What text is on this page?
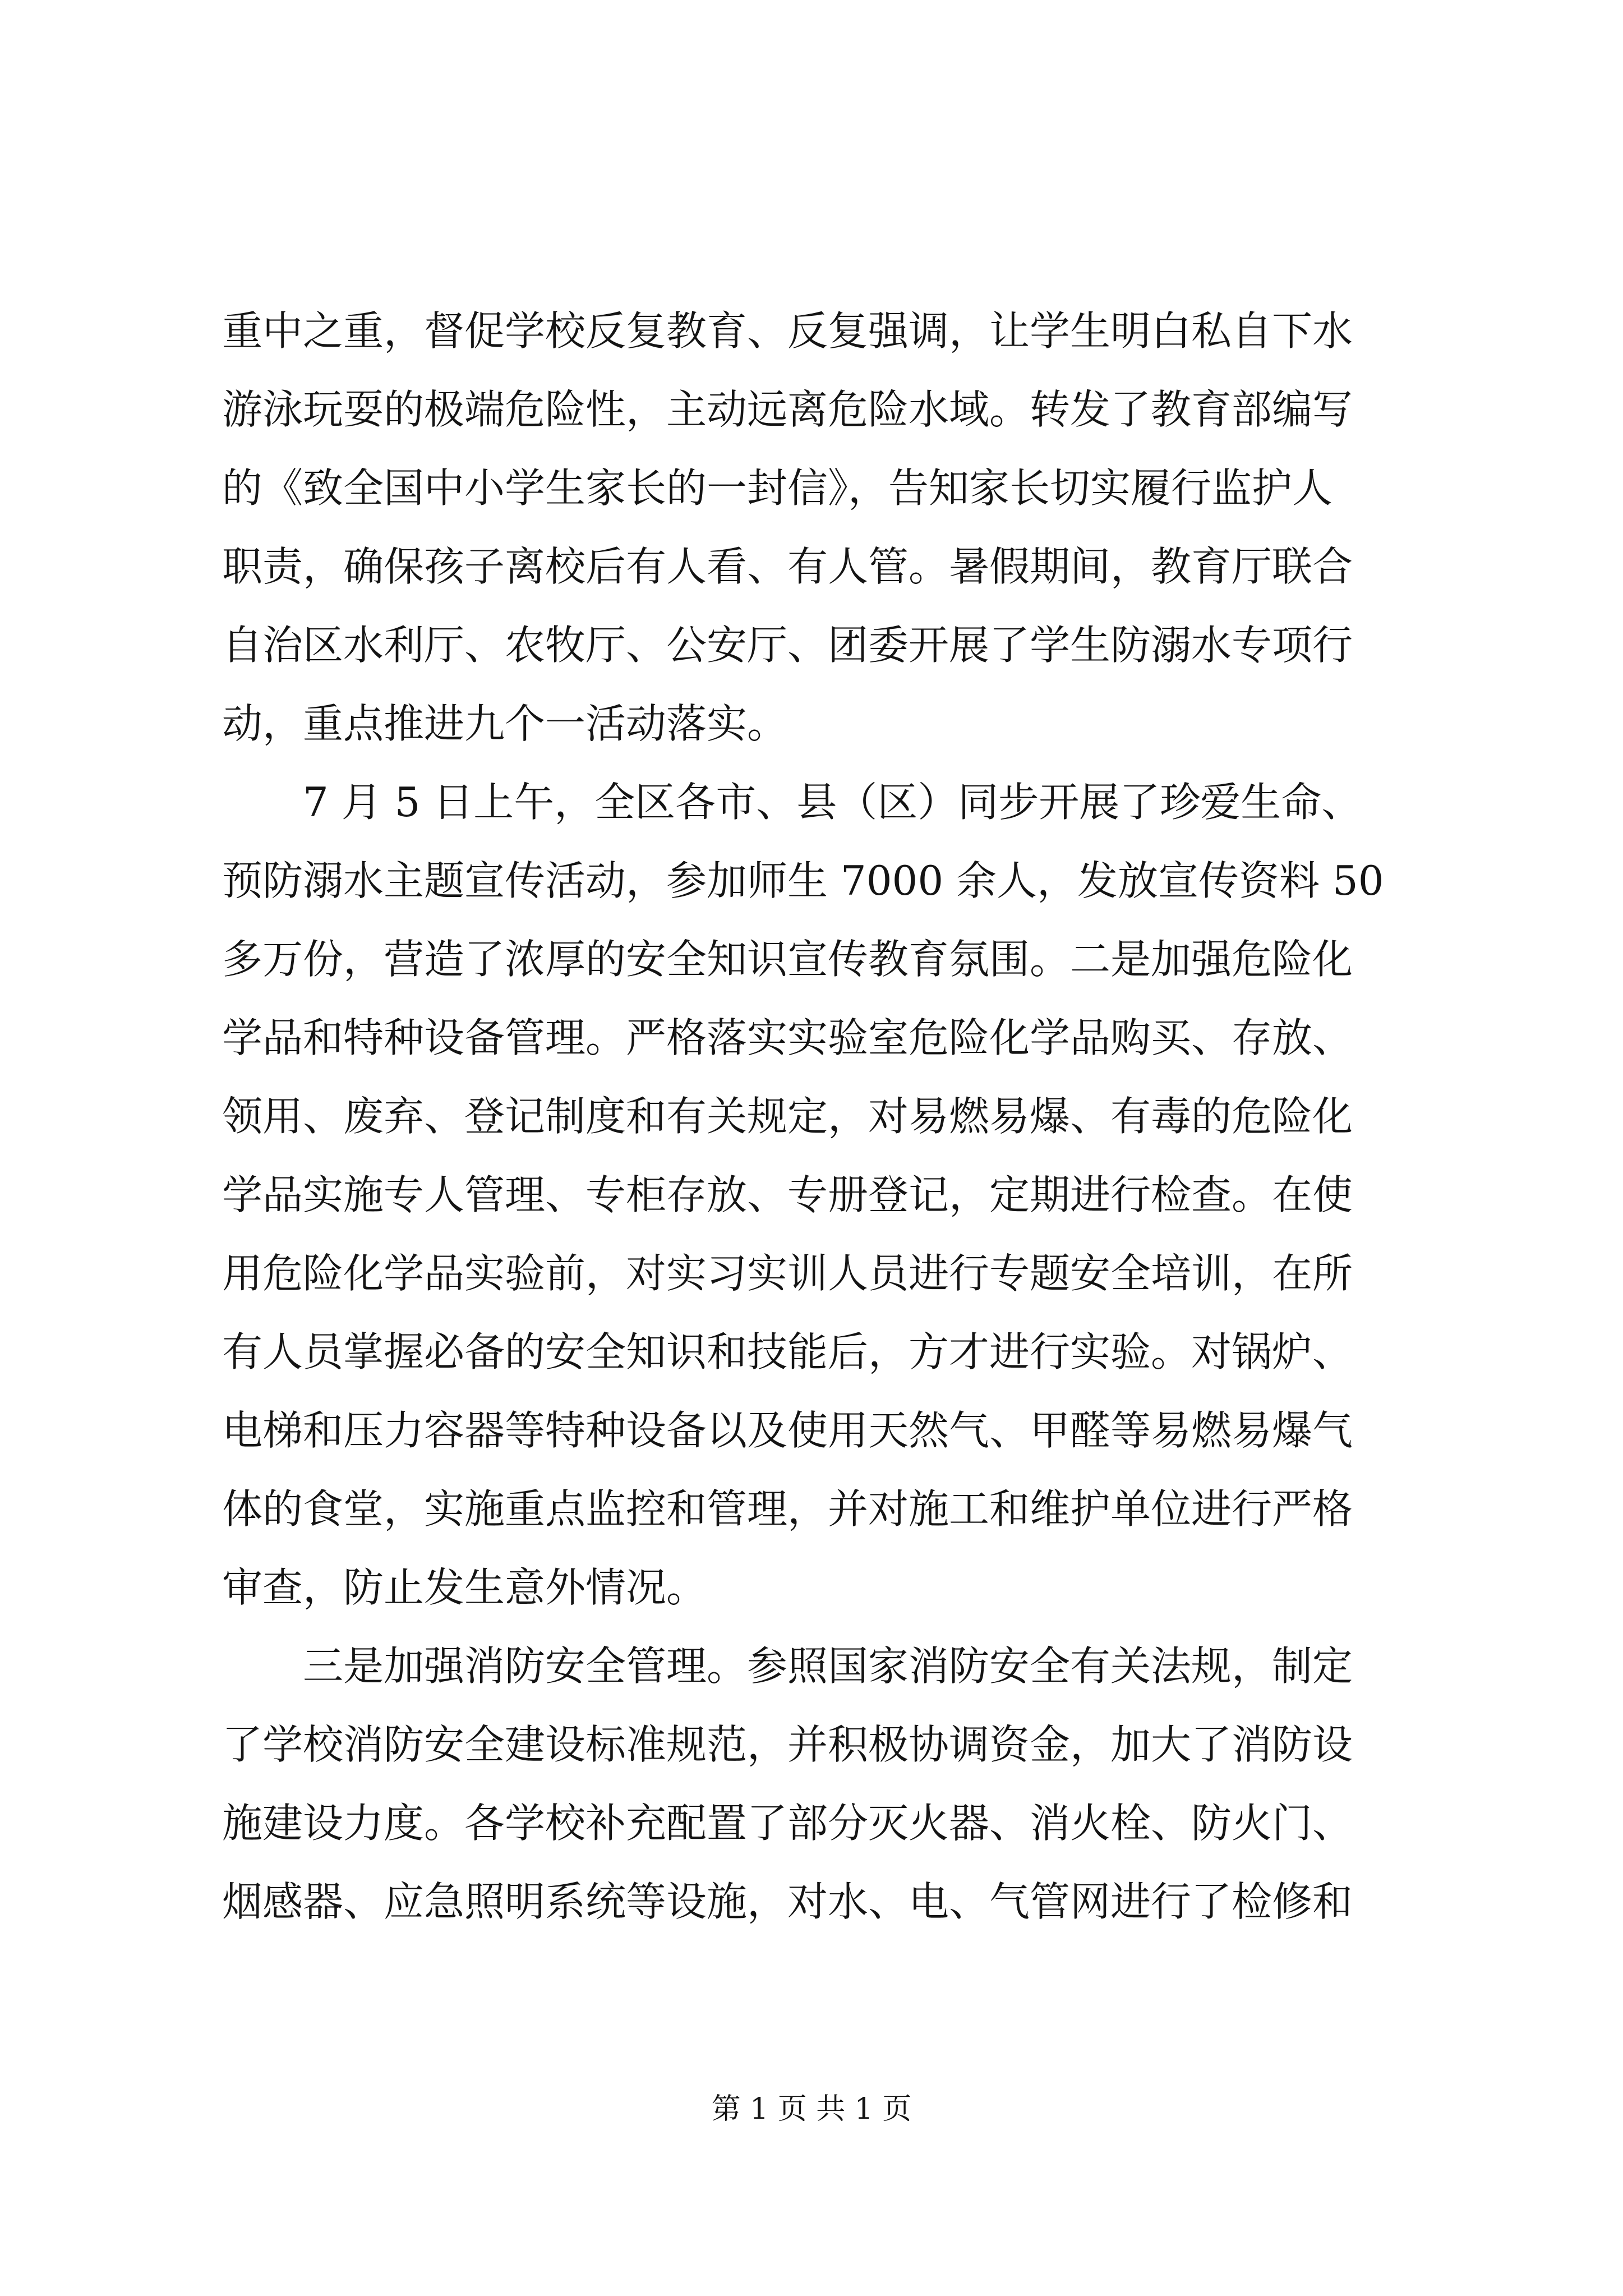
重中之重，督促学校反复教育、反复强调，让学生明白私自下水
游泳玩耍的极端危险性，主动远离危险水域。转发了教育部编写
的《致全国中小学生家长的一封信》，告知家长切实履行监护人
职责，确保孩子离校后有人看、有人管。暑假期间，教育厅联合
自治区水利厅、农牧厅、公安厅、团委开展了学生防溺水专项行
动，重点推进九个一活动落实。
7 月 5 日上午，全区各市、县（区）同步开展了珍爱生命、
预防溺水主题宣传活动，参加师生 7000 余人，发放宣传资料 50
多万份，营造了浓厚的安全知识宣传教育氛围。二是加强危险化
学品和特种设备管理。严格落实实验室危险化学品购买、存放、
领用、废弃、登记制度和有关规定，对易燃易爆、有毒的危险化
学品实施专人管理、专柜存放、专册登记，定期进行检查。在使
用危险化学品实验前，对实习实训人员进行专题安全培训，在所
有人员掌握必备的安全知识和技能后，方才进行实验。对锅炉、
电梯和压力容器等特种设备以及使用天然气、甲醛等易燃易爆气
体的食堂，实施重点监控和管理，并对施工和维护单位进行严格
审查，防止发生意外情况。
三是加强消防安全管理。参照国家消防安全有关法规，制定
了学校消防安全建设标准规范，并积极协调资金，加大了消防设
施建设力度。各学校补充配置了部分灭火器、消火栓、防火门、
烟感器、应急照明系统等设施，对水、电、气管网进行了检修和
第 1 页 共 1 页
